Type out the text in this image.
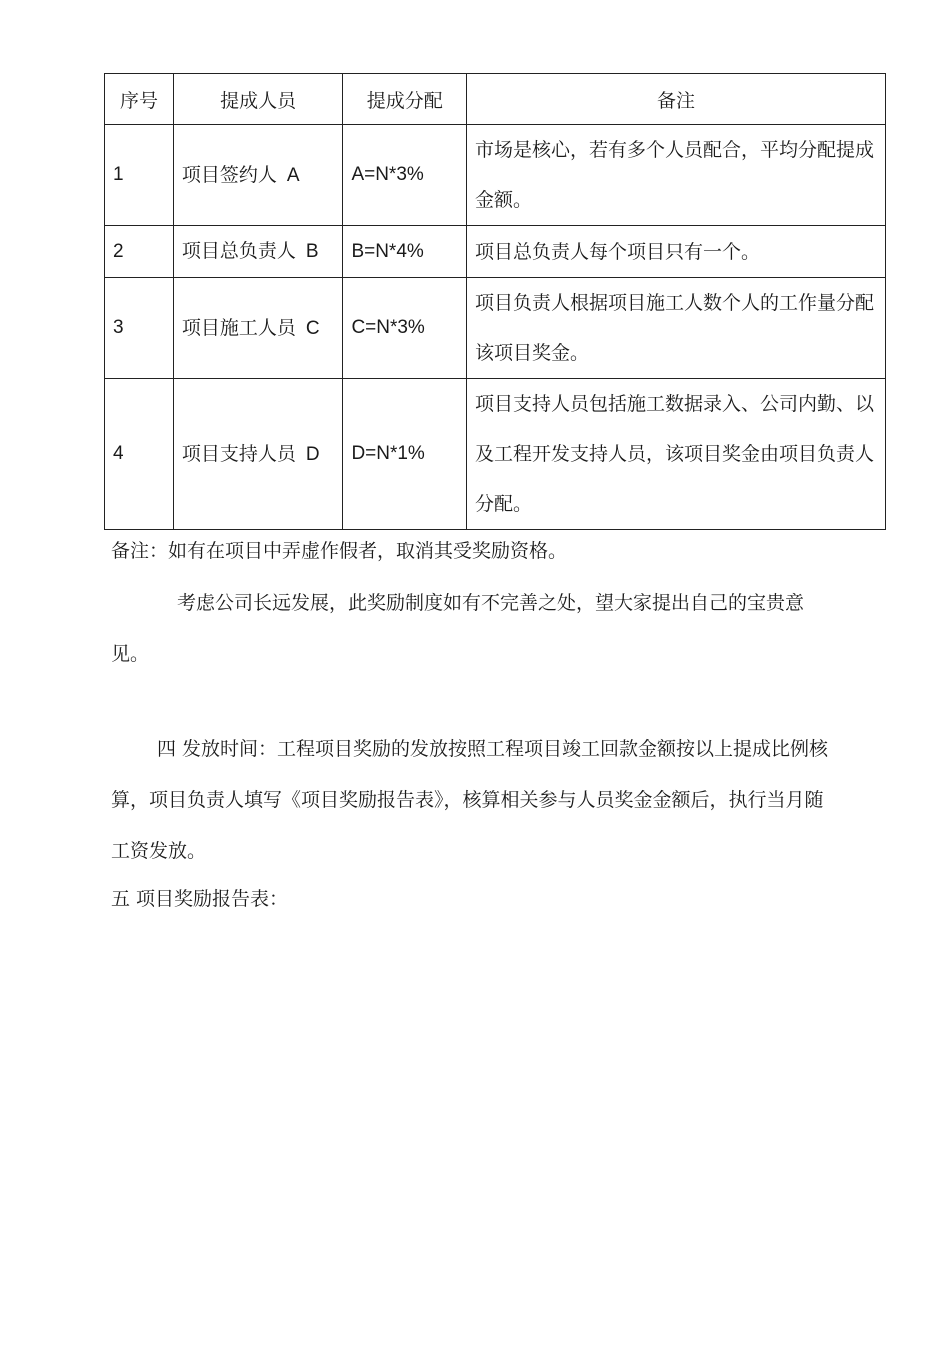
序号	提成人员	提成分配	备注
1	项目签约人 A	A=N*3%	市场是核心，若有多个人员配合，平均分配提成金额。
2	项目总负责人 B	B=N*4%	项目总负责人每个项目只有一个。
3	项目施工人员 C	C=N*3%	项目负责人根据项目施工人数个人的工作量分配该项目奖金。
4	项目支持人员 D	D=N*1%	项目支持人员包括施工数据录入、公司内勤、以及工程开发支持人员，该项目奖金由项目负责人分配。

备注：如有在项目中弄虚作假者，取消其受奖励资格。

考虑公司长远发展，此奖励制度如有不完善之处，望大家提出自己的宝贵意见。

四 发放时间：工程项目奖励的发放按照工程项目竣工回款金额按以上提成比例核算，项目负责人填写《项目奖励报告表》，核算相关参与人员奖金金额后，执行当月随工资发放。

五 项目奖励报告表：
